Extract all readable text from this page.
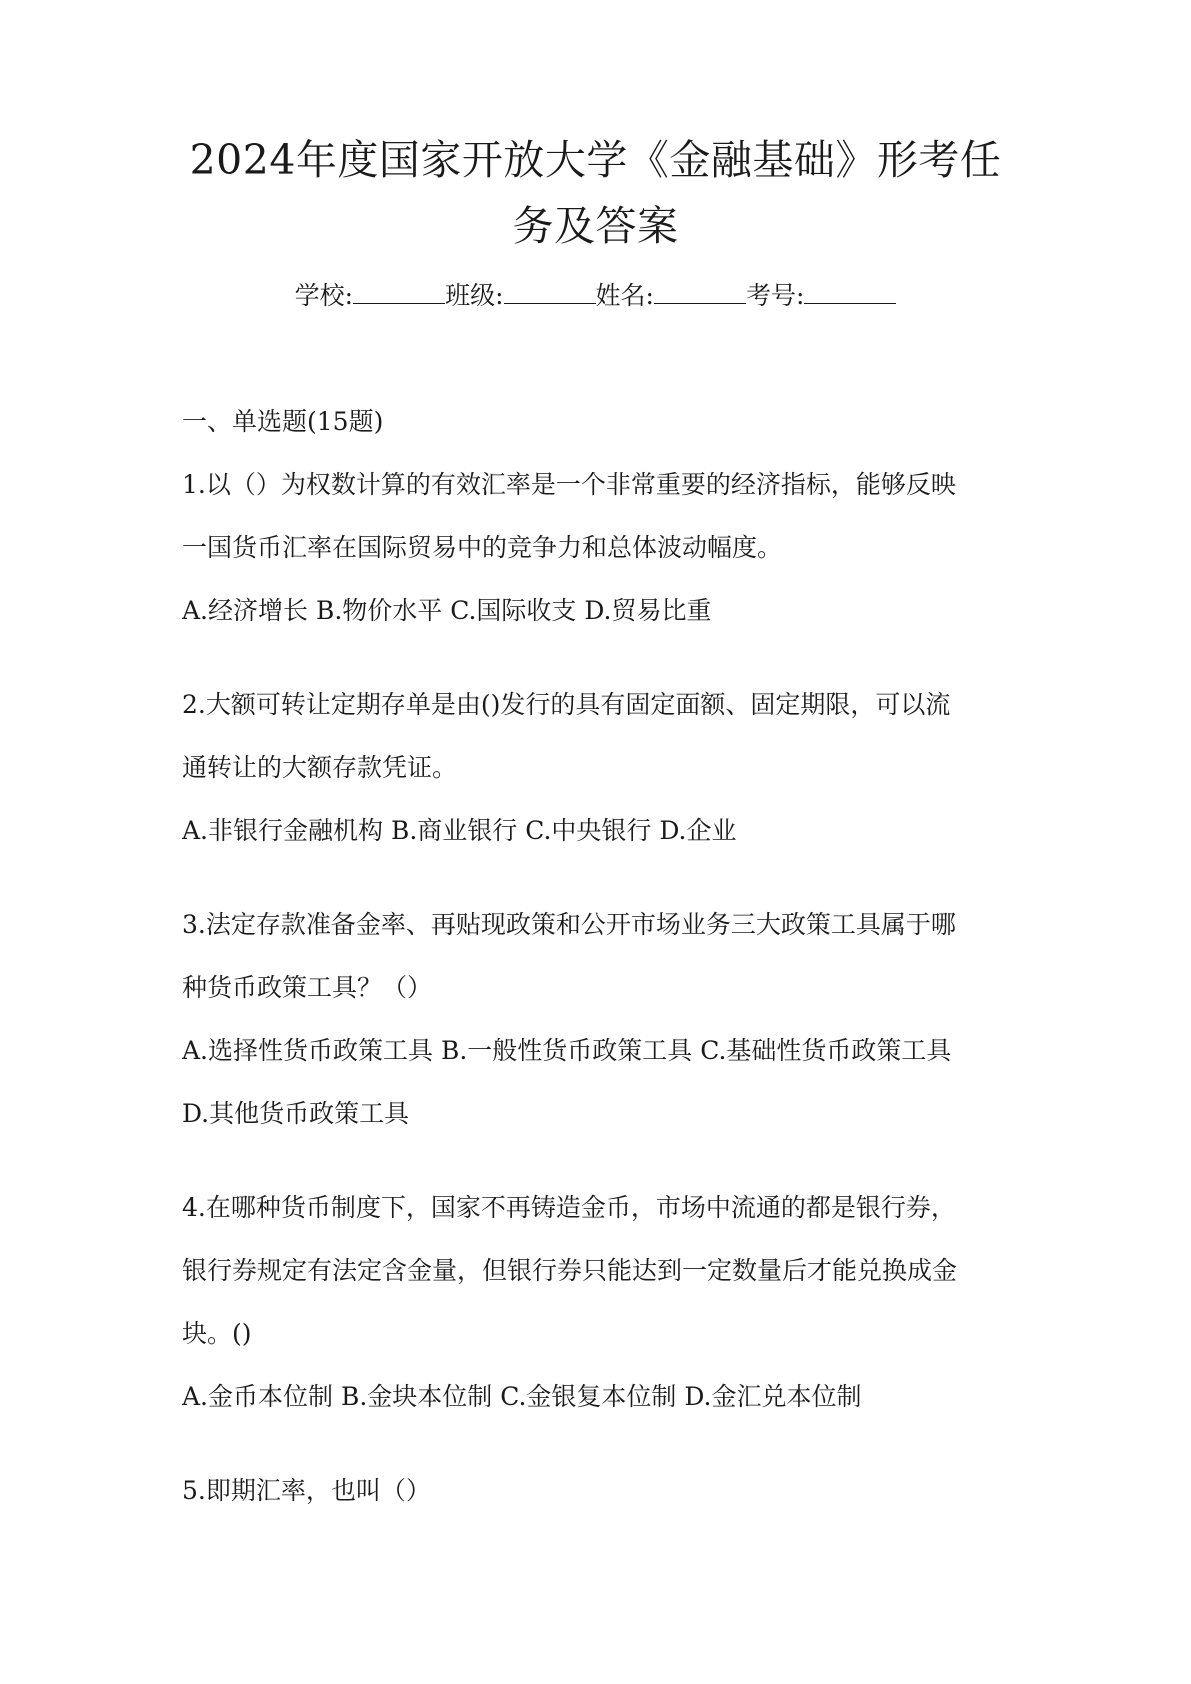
2024年度国家开放大学《金融基础》形考任
务及答案
学校:	班级:	姓名:	考号:
一、单选题(15题)
1.以（）为权数计算的有效汇率是一个非常重要的经济指标，能够反映
一国货币汇率在国际贸易中的竞争力和总体波动幅度。
A.经济增长 B.物价水平 C.国际收支 D.贸易比重
2.大额可转让定期存单是由()发行的具有固定面额、固定期限，可以流
通转让的大额存款凭证。
A.非银行金融机构 B.商业银行 C.中央银行 D.企业
3.法定存款准备金率、再贴现政策和公开市场业务三大政策工具属于哪
种货币政策工具？（）
A.选择性货币政策工具 B.一般性货币政策工具 C.基础性货币政策工具
D.其他货币政策工具
4.在哪种货币制度下，国家不再铸造金币，市场中流通的都是银行券，
银行券规定有法定含金量，但银行券只能达到一定数量后才能兑换成金
块。()
A.金币本位制 B.金块本位制 C.金银复本位制 D.金汇兑本位制
5.即期汇率，也叫（）
